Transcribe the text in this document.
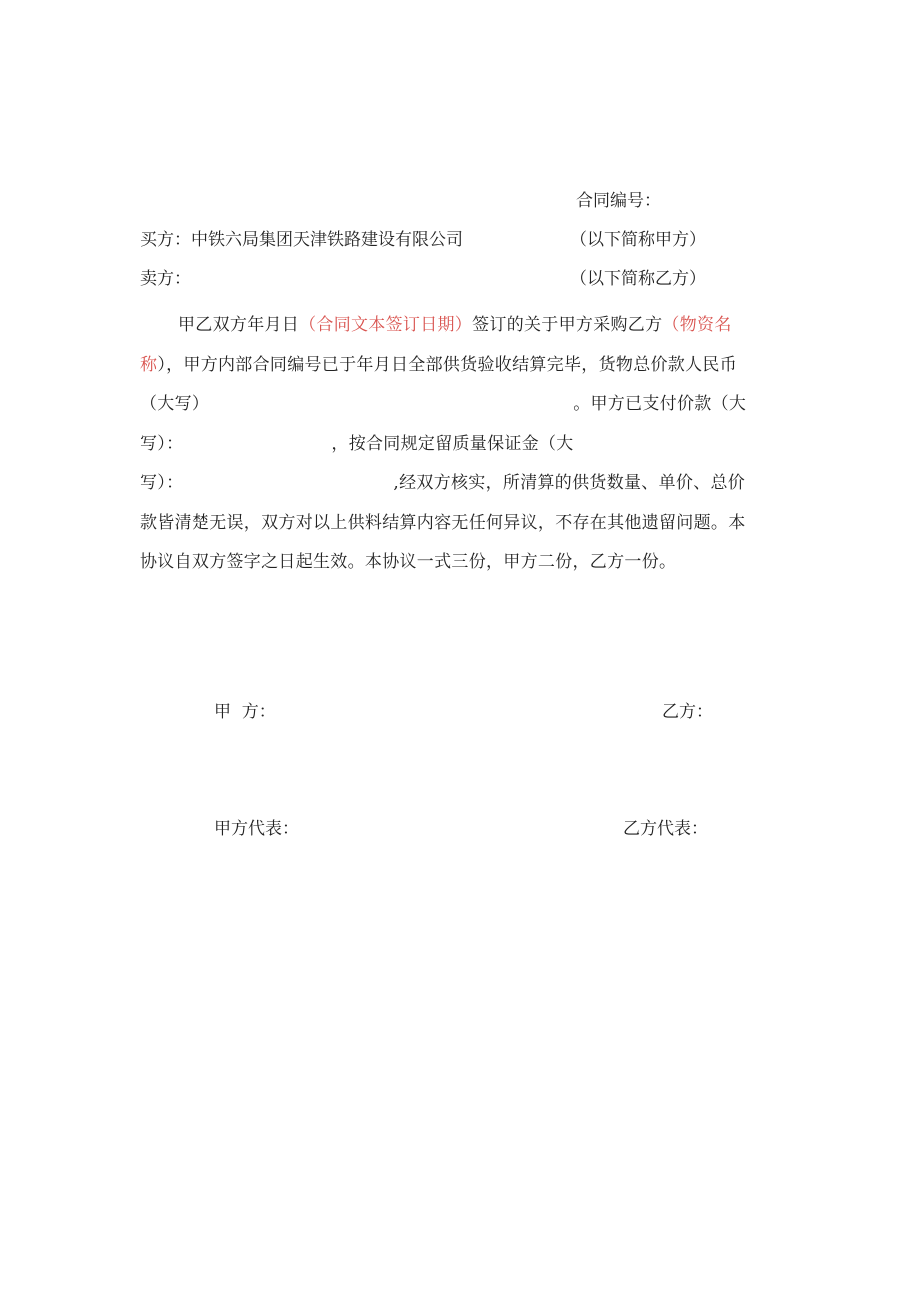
合同编号：
买方：中铁六局集团天津铁路建设有限公司	（以下简称甲方）
卖方：	（以下简称乙方）
甲乙双方年月日（合同文本签订日期）签订的关于甲方采购乙方（物资名
称），甲方内部合同编号已于年月日全部供货验收结算完毕，货物总价款人民币
（大写）	。甲方已支付价款（大
写）：	，按合同规定留质量保证金（大
写）：	,经双方核实，所清算的供货数量、单价、总价
款皆清楚无误，双方对以上供料结算内容无任何异议，不存在其他遗留问题。本
协议自双方签字之日起生效。本协议一式三份，甲方二份，乙方一份。
甲  方：	乙方：
甲方代表：	乙方代表：
